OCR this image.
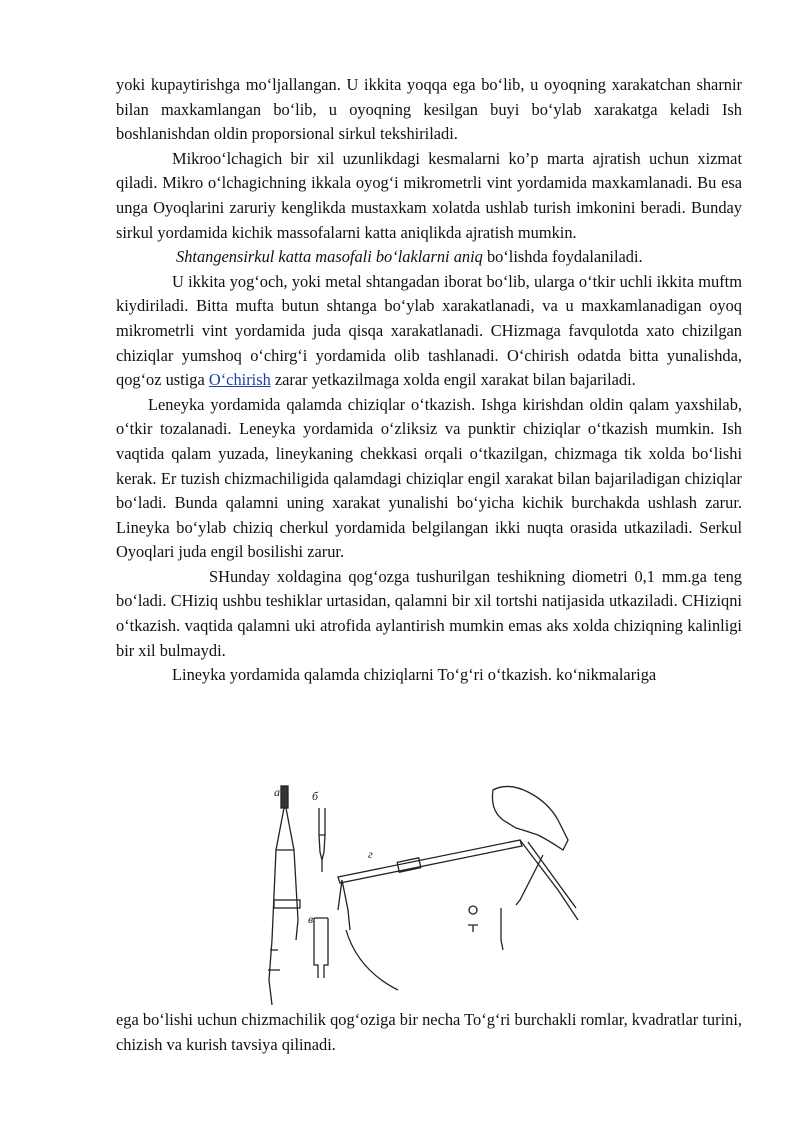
yoki kupaytirishga mo‘ljallangan. U ikkita yoqqa ega bo‘lib, u oyoqning xarakatchan sharnir bilan maxkamlangan bo‘lib, u oyoqning kesilgan buyi bo‘ylab xarakatga keladi Ish boshlanishdan oldin proporsional sirkul tekshiriladi.

Mikroo‘lchagich bir xil uzunlikdagi kesmalarni ko’p marta ajratish uchun xizmat qiladi. Mikro o‘lchagichning ikkala oyog‘i mikrometrli vint yordamida maxkamlanadi. Bu esa unga Oyoqlarini zaruriy kenglikda mustaxkam xolatda ushlab turish imkonini beradi. Bunday sirkul yordamida kichik massofalarni katta aniqlikda ajratish mumkin.

Shtangensirkul katta masofali bo‘laklarni aniq bo‘lishda foydalaniladi.

U ikkita yog‘och, yoki metal shtangadan iborat bo‘lib, ularga o‘tkir uchli ikkita muftm kiydiriladi. Bitta mufta butun shtanga bo‘ylab xarakatlanadi, va u maxkamlanadigan oyoq mikrometrli vint yordamida juda qisqa xarakatlanadi. CHizmaga favqulotda xato chizilgan chiziqlar yumshoq o‘chirg‘i yordamida olib tashlanadi. O‘chirish odatda bitta yunalishda, qog‘oz ustiga O‘chirish zarar yetkazilmaga xolda engil xarakat bilan bajariladi.

Leneyka yordamida qalamda chiziqlar o‘tkazish. Ishga kirishdan oldin qalam yaxshilab, o‘tkir tozalanadi. Leneyka yordamida o‘zliksiz va punktir chiziqlar o‘tkazish mumkin. Ish vaqtida qalam yuzada, lineykaning chekkasi orqali o‘tkazilgan, chizmaga tik xolda bo‘lishi kerak. Er tuzish chizmachiligida qalamdagi chiziqlar engil xarakat bilan bajariladigan chiziqlar bo‘ladi. Bunda qalamni uning xarakat yunalishi bo‘yicha kichik burchakda ushlash zarur. Lineyka bo‘ylab chiziq cherkul yordamida belgilangan ikki nuqta orasida utkaziladi. Serkul Oyoqlari juda engil bosilishi zarur.

SHunday xoldagina qog‘ozga tushurilgan teshikning diometri 0,1 mm.ga teng bo‘ladi. CHiziq ushbu teshiklar urtasidan, qalamni bir xil tortshi natijasida utkaziladi. CHiziqni o‘tkazish. vaqtida qalamni uki atrofida aylantirish mumkin emas aks xolda chiziqning kalinligi bir xil bulmaydi.

Lineyka yordamida qalamda chiziqlarni To‘g‘ri o‘tkazish. ko‘nikmalariga

a	б
в
г

ega bo‘lishi uchun chizmachilik qog‘oziga bir necha To‘g‘ri burchakli romlar, kvadratlar turini, chizish va kurish tavsiya qilinadi.
